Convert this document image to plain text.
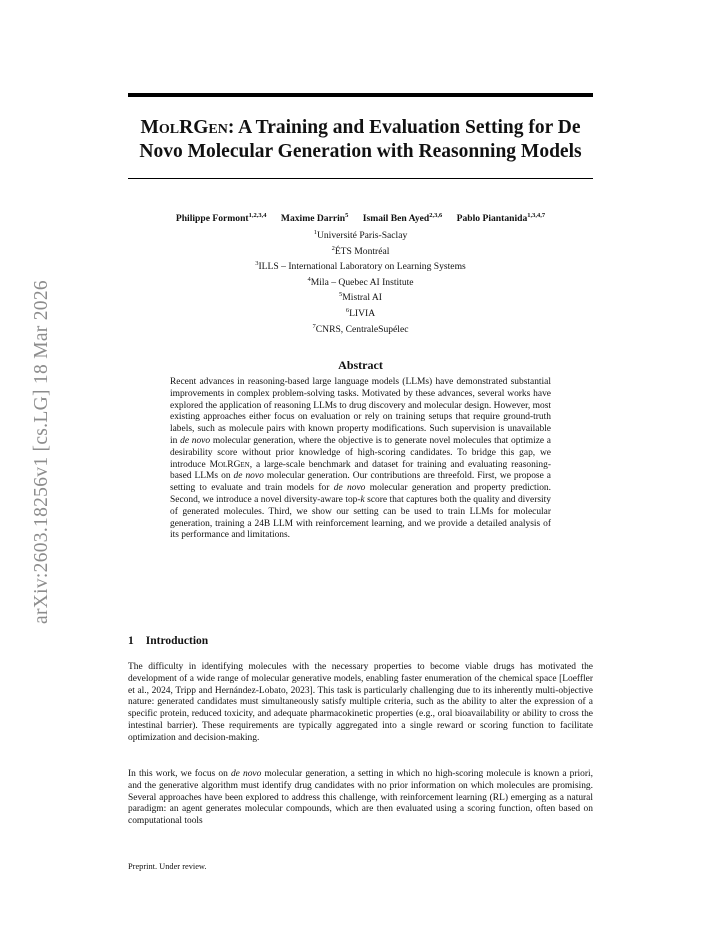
arXiv:2603.18256v1 [cs.LG] 18 Mar 2026
MolRGen: A Training and Evaluation Setting for De Novo Molecular Generation with Reasonning Models
Philippe Formont$^{1,2,3,4}$ Maxime Darrin$^5$ Ismail Ben Ayed$^{2,3,6}$ Pablo Piantanida$^{1,3,4,7}$
$^1$Université Paris-Saclay
$^2$ÉTS Montréal
$^3$ILLS – International Laboratory on Learning Systems
$^4$Mila – Quebec AI Institute
$^5$Mistral AI
$^6$LIVIA
$^7$CNRS, CentraleSupélec
Abstract

Recent advances in reasoning-based large language models (LLMs) have demonstrated substantial improvements in complex problem-solving tasks. Motivated by these advances, several works have explored the application of reasoning LLMs to drug discovery and molecular design. However, most existing approaches either focus on evaluation or rely on training setups that require ground-truth labels, such as molecule pairs with known property modifications. Such supervision is unavailable in de novo molecular generation, where the objective is to generate novel molecules that optimize a desirability score without prior knowledge of high-scoring candidates. To bridge this gap, we introduce MolRGen, a large-scale benchmark and dataset for training and evaluating reasoning-based LLMs on de novo molecular generation. Our contributions are threefold. First, we propose a setting to evaluate and train models for de novo molecular generation and property prediction. Second, we introduce a novel diversity-aware top-k score that captures both the quality and diversity of generated molecules. Third, we show our setting can be used to train LLMs for molecular generation, training a 24B LLM with reinforcement learning, and we provide a detailed analysis of its performance and limitations.

1 Introduction

The difficulty in identifying molecules with the necessary properties to become viable drugs has motivated the development of a wide range of molecular generative models, enabling faster enumeration of the chemical space [Loeffler et al., 2024, Tripp and Hernández-Lobato, 2023]. This task is particularly challenging due to its inherently multi-objective nature: generated candidates must simultaneously satisfy multiple criteria, such as the ability to alter the expression of a specific protein, reduced toxicity, and adequate pharmacokinetic properties (e.g., oral bioavailability or ability to cross the intestinal barrier). These requirements are typically aggregated into a single reward or scoring function to facilitate optimization and decision-making.

In this work, we focus on de novo molecular generation, a setting in which no high-scoring molecule is known a priori, and the generative algorithm must identify drug candidates with no prior information on which molecules are promising. Several approaches have been explored to address this challenge, with reinforcement learning (RL) emerging as a natural paradigm: an agent generates molecular compounds, which are then evaluated using a scoring function, often based on computational tools

Preprint. Under review.
